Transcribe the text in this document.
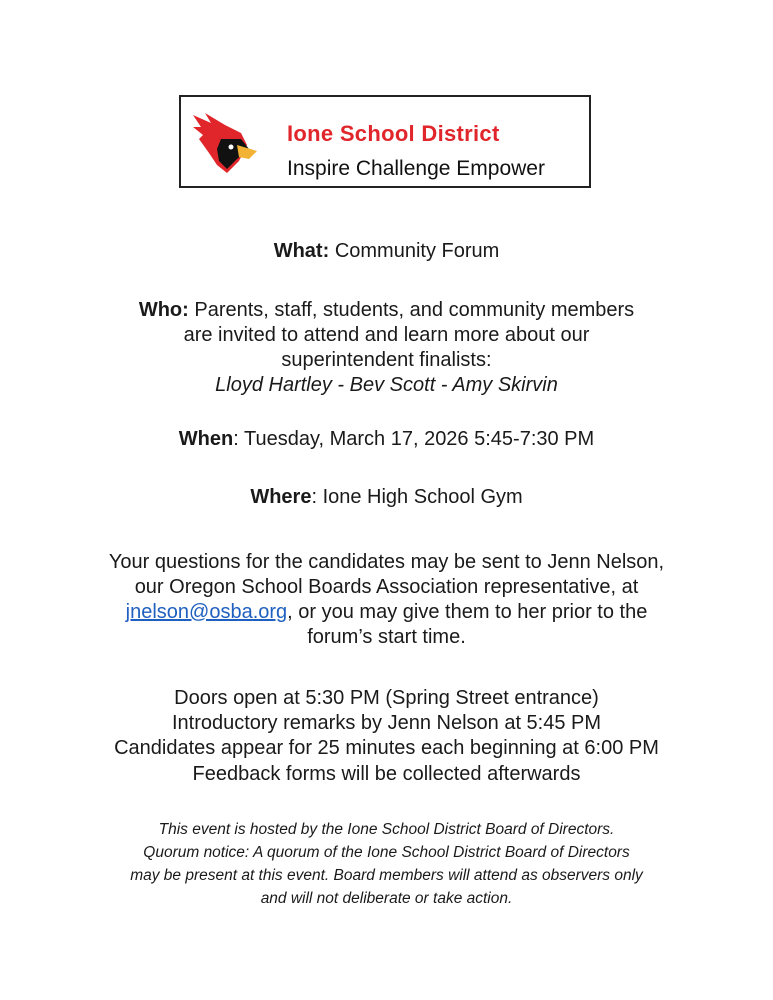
Ione School District
Inspire Challenge Empower
What: Community Forum
Who: Parents, staff, students, and community members
are invited to attend and learn more about our
superintendent finalists:
Lloyd Hartley - Bev Scott - Amy Skirvin
When: Tuesday, March 17, 2026 5:45-7:30 PM
Where: Ione High School Gym
Your questions for the candidates may be sent to Jenn Nelson,
our Oregon School Boards Association representative, at
jnelson@osba.org, or you may give them to her prior to the
forum’s start time.
Doors open at 5:30 PM (Spring Street entrance)
Introductory remarks by Jenn Nelson at 5:45 PM
Candidates appear for 25 minutes each beginning at 6:00 PM
Feedback forms will be collected afterwards
This event is hosted by the Ione School District Board of Directors.
Quorum notice: A quorum of the Ione School District Board of Directors
may be present at this event. Board members will attend as observers only
and will not deliberate or take action.
